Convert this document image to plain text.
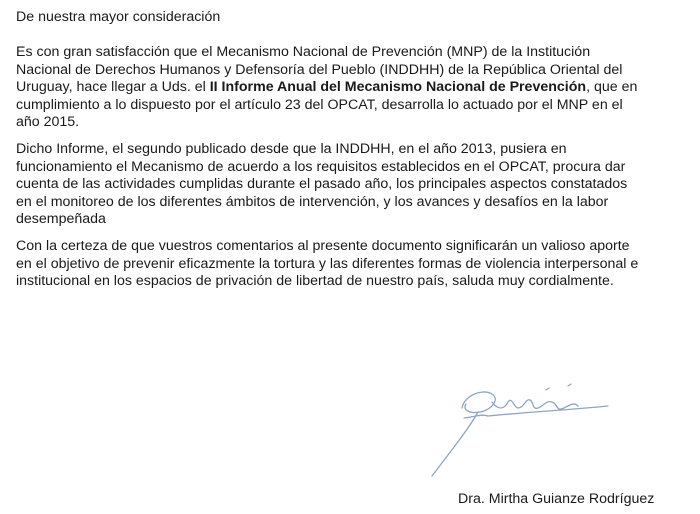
De nuestra mayor consideración

Es con gran satisfacción que el Mecanismo Nacional de Prevención (MNP) de la Institución Nacional de Derechos Humanos y Defensoría del Pueblo (INDDHH) de la República Oriental del Uruguay, hace llegar a Uds. el II Informe Anual del Mecanismo Nacional de Prevención, que en cumplimiento a lo dispuesto por el artículo 23 del OPCAT, desarrolla lo actuado por el MNP en el año 2015.

Dicho Informe, el segundo publicado desde que la INDDHH, en el año 2013, pusiera en funcionamiento el Mecanismo de acuerdo a los requisitos establecidos en el OPCAT, procura dar cuenta de las actividades cumplidas durante el pasado año, los principales aspectos constatados en el monitoreo de los diferentes ámbitos de intervención, y los avances y desafíos en la labor desempeñada

Con la certeza de que vuestros comentarios al presente documento significarán un valioso aporte en el objetivo de prevenir eficazmente la tortura y las diferentes formas de violencia interpersonal e institucional en los espacios de privación de libertad de nuestro país, saluda muy cordialmente.

Dra. Mirtha Guianze Rodríguez
